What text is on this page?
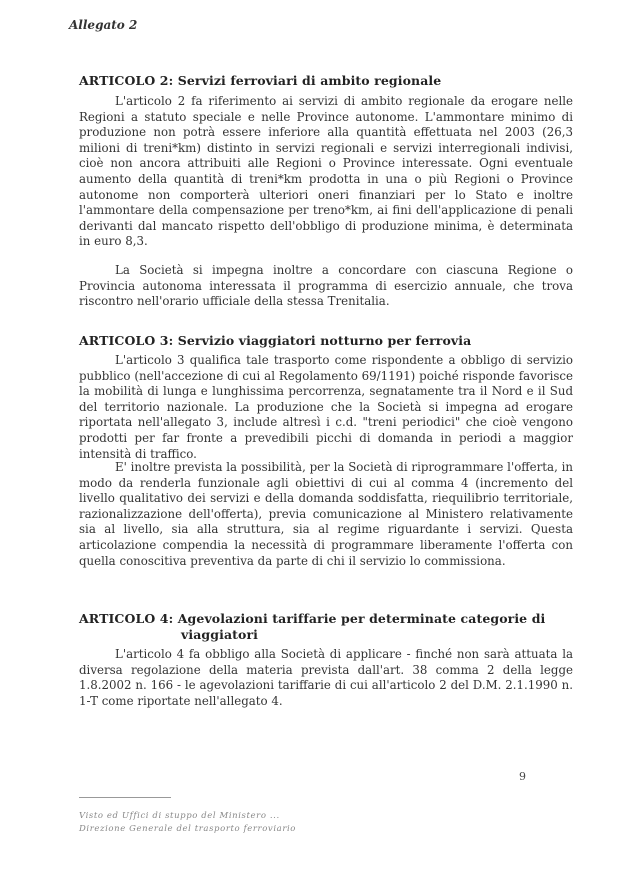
Allegato 2
ARTICOLO 2: Servizi ferroviari di ambito regionale
L'articolo 2 fa riferimento ai servizi di ambito regionale da erogare nelle Regioni a statuto speciale e nelle Province autonome. L'ammontare minimo di produzione non potrà essere inferiore alla quantità effettuata nel 2003 (26,3 milioni di treni*km) distinto in servizi regionali e servizi interregionali indivisi, cioè non ancora attribuiti alle Regioni o Province interessate. Ogni eventuale aumento della quantità di treni*km prodotta in una o più Regioni o Province autonome non comporterà ulteriori oneri finanziari per lo Stato e inoltre l'ammontare della compensazione per treno*km, ai fini dell'applicazione di penali derivanti dal mancato rispetto dell'obbligo di produzione minima, è determinata in euro 8,3.
La Società si impegna inoltre a concordare con ciascuna Regione o Provincia autonoma interessata il programma di esercizio annuale, che trova riscontro nell'orario ufficiale della stessa Trenitalia.
ARTICOLO 3: Servizio viaggiatori notturno per ferrovia
L'articolo 3 qualifica tale trasporto come rispondente a obbligo di servizio pubblico (nell'accezione di cui al Regolamento 69/1191) poiché risponde favorisce la mobilità di lunga e lunghissima percorrenza, segnatamente tra il Nord e il Sud del territorio nazionale. La produzione che la Società si impegna ad erogare riportata nell'allegato 3, include altresì i c.d. "treni periodici" che cioè vengono prodotti per far fronte a prevedibili picchi di domanda in periodi a maggior intensità di traffico.
E' inoltre prevista la possibilità, per la Società di riprogrammare l'offerta, in modo da renderla funzionale agli obiettivi di cui al comma 4 (incremento del livello qualitativo dei servizi e della domanda soddisfatta, riequilibrio territoriale, razionalizzazione dell'offerta), previa comunicazione al Ministero relativamente sia al livello, sia alla struttura, sia al regime riguardante i servizi. Questa articolazione compendia la necessità di programmare liberamente l'offerta con quella conoscitiva preventiva da parte di chi il servizio lo commissiona.
ARTICOLO 4: Agevolazioni tariffarie per determinate categorie di
viaggiatori
L'articolo 4 fa obbligo alla Società di applicare - finché non sarà attuata la diversa regolazione della materia prevista dall'art. 38 comma 2 della legge 1.8.2002 n. 166 - le agevolazioni tariffarie di cui all'articolo 2 del D.M. 2.1.1990 n. 1-T come riportate nell'allegato 4.
9
Visto ed Uffici di stuppo del Ministero ...
Direzione Generale del trasporto ferroviario
